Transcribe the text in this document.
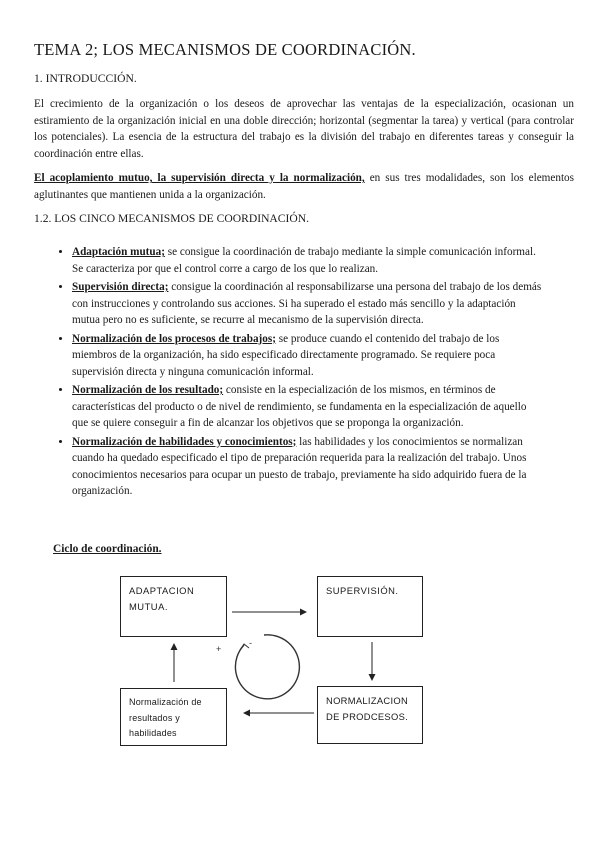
TEMA 2; LOS MECANISMOS DE COORDINACIÓN.
1. INTRODUCCIÓN.
El crecimiento de la organización o los deseos de aprovechar las ventajas de la especialización, ocasionan un estiramiento de la organización inicial en una doble dirección; horizontal (segmentar la tarea) y vertical (para controlar los potenciales). La esencia de la estructura del trabajo es la división del trabajo en diferentes tareas y conseguir la coordinación entre ellas.
El acoplamiento mutuo, la supervisión directa y la normalización, en sus tres modalidades, son los elementos aglutinantes que mantienen unida a la organización.
1.2. LOS CINCO MECANISMOS DE COORDINACIÓN.
• Adaptación mutua; se consigue la coordinación de trabajo mediante la simple comunicación informal. Se caracteriza por que el control corre a cargo de los que lo realizan.
• Supervisión directa; consigue la coordinación al responsabilizarse una persona del trabajo de los demás con instrucciones y controlando sus acciones. Si ha superado el estado más sencillo y la adaptación mutua pero no es suficiente, se recurre al mecanismo de la supervisión directa.
• Normalización de los procesos de trabajos; se produce cuando el contenido del trabajo de los miembros de la organización, ha sido especificado directamente programado. Se requiere poca supervisión directa y ninguna comunicación informal.
• Normalización de los resultado; consiste en la especialización de los mismos, en términos de características del producto o de nivel de rendimiento, se fundamenta en la especialización de aquello que se quiere conseguir a fin de alcanzar los objetivos que se proponga la organización.
• Normalización de habilidades y conocimientos; las habilidades y los conocimientos se normalizan cuando ha quedado especificado el tipo de preparación requerida para la realización del trabajo. Unos conocimientos necesarios para ocupar un puesto de trabajo, previamente ha sido adquirido fuera de la organización.
Ciclo de coordinación.
+
-
ADAPTACION
MUTUA.
SUPERVISIÓN.
Normalización de
resultados y
habilidades
NORMALIZACION
DE PRODCESOS.
